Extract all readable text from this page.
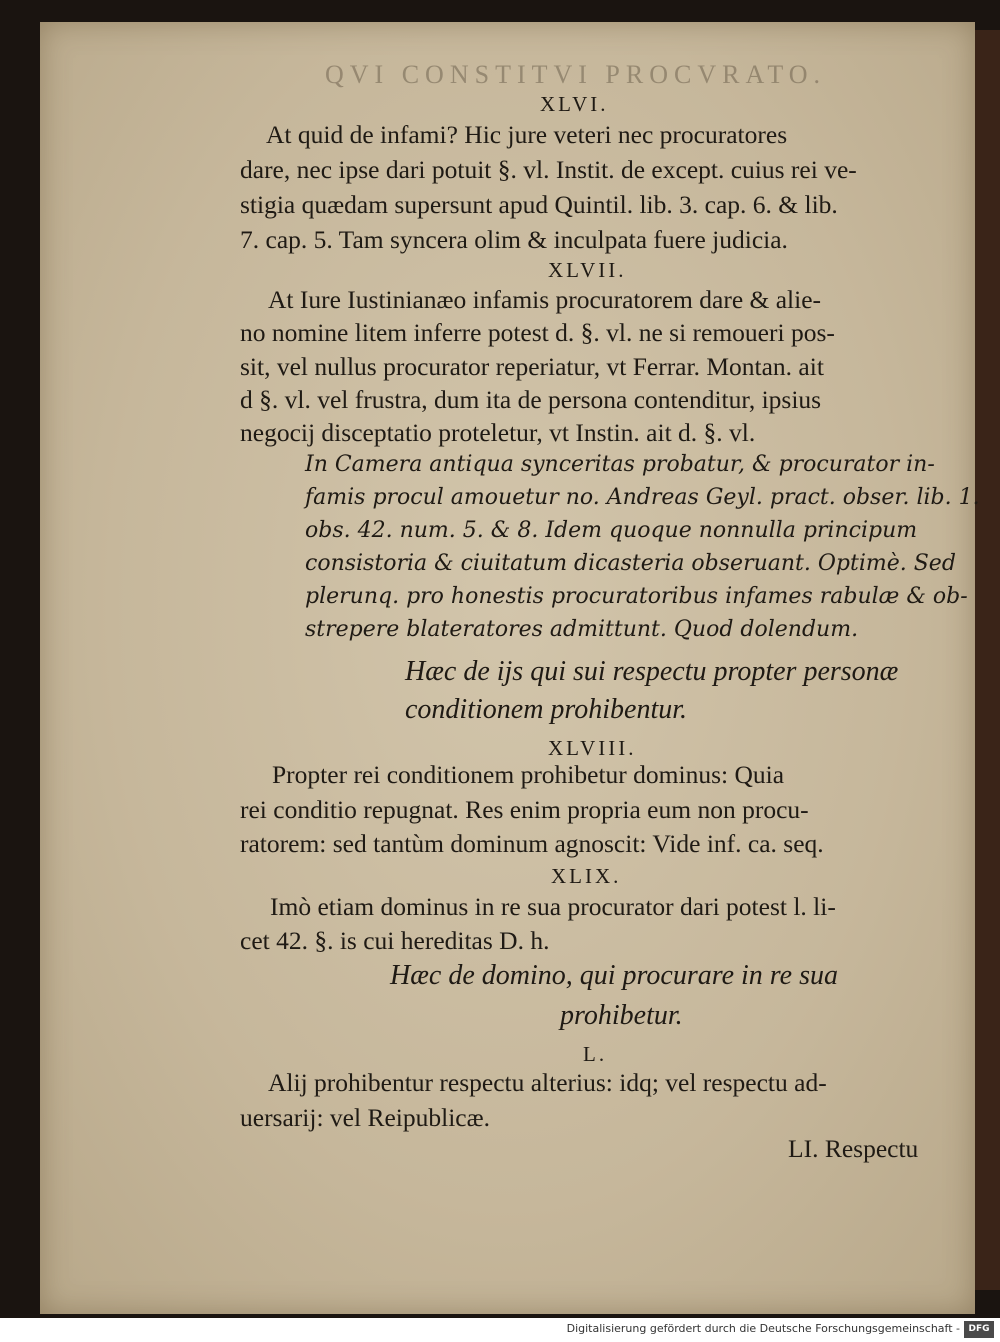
QVI CONSTITVI PROCVRATO.
XLVI.
At quid de infami? Hic jure veteri nec procuratores
dare, nec ipse dari potuit §. vl. Instit. de except. cuius rei ve-
stigia quædam supersunt apud Quintil. lib. 3. cap. 6. & lib.
7. cap. 5. Tam syncera olim & inculpata fuere judicia.
XLVII.
At Iure Iustinianæo infamis procuratorem dare & alie-
no nomine litem inferre potest d. §. vl. ne si remoueri pos-
sit, vel nullus procurator reperiatur, vt Ferrar. Montan. ait
d §. vl. vel frustra, dum ita de persona contenditur, ipsius
negocij disceptatio proteletur, vt Instin. ait d. §. vl.
In Camera antiqua synceritas probatur, & procurator in-
famis procul amouetur no. Andreas Geyl. pract. obser. lib. 1.
obs. 42. num. 5. & 8. Idem quoque nonnulla principum
consistoria & ciuitatum dicasteria obseruant. Optimè. Sed
plerunq. pro honestis procuratoribus infames rabulæ & ob-
strepere blateratores admittunt. Quod dolendum.
Hæc de ijs qui sui respectu propter personæ
conditionem prohibentur.
XLVIII.
Propter rei conditionem prohibetur dominus: Quia
rei conditio repugnat. Res enim propria eum non procu-
ratorem: sed tantùm dominum agnoscit: Vide inf. ca. seq.
XLIX.
Imò etiam dominus in re sua procurator dari potest l. li-
cet 42. §. is cui hereditas D. h.
Hæc de domino, qui procurare in re sua
prohibetur.
L.
Alij prohibentur respectu alterius: idq; vel respectu ad-
uersarij: vel Reipublicæ.
LI. Respectu
Digitalisierung gefördert durch die Deutsche Forschungsgemeinschaft - DFG
